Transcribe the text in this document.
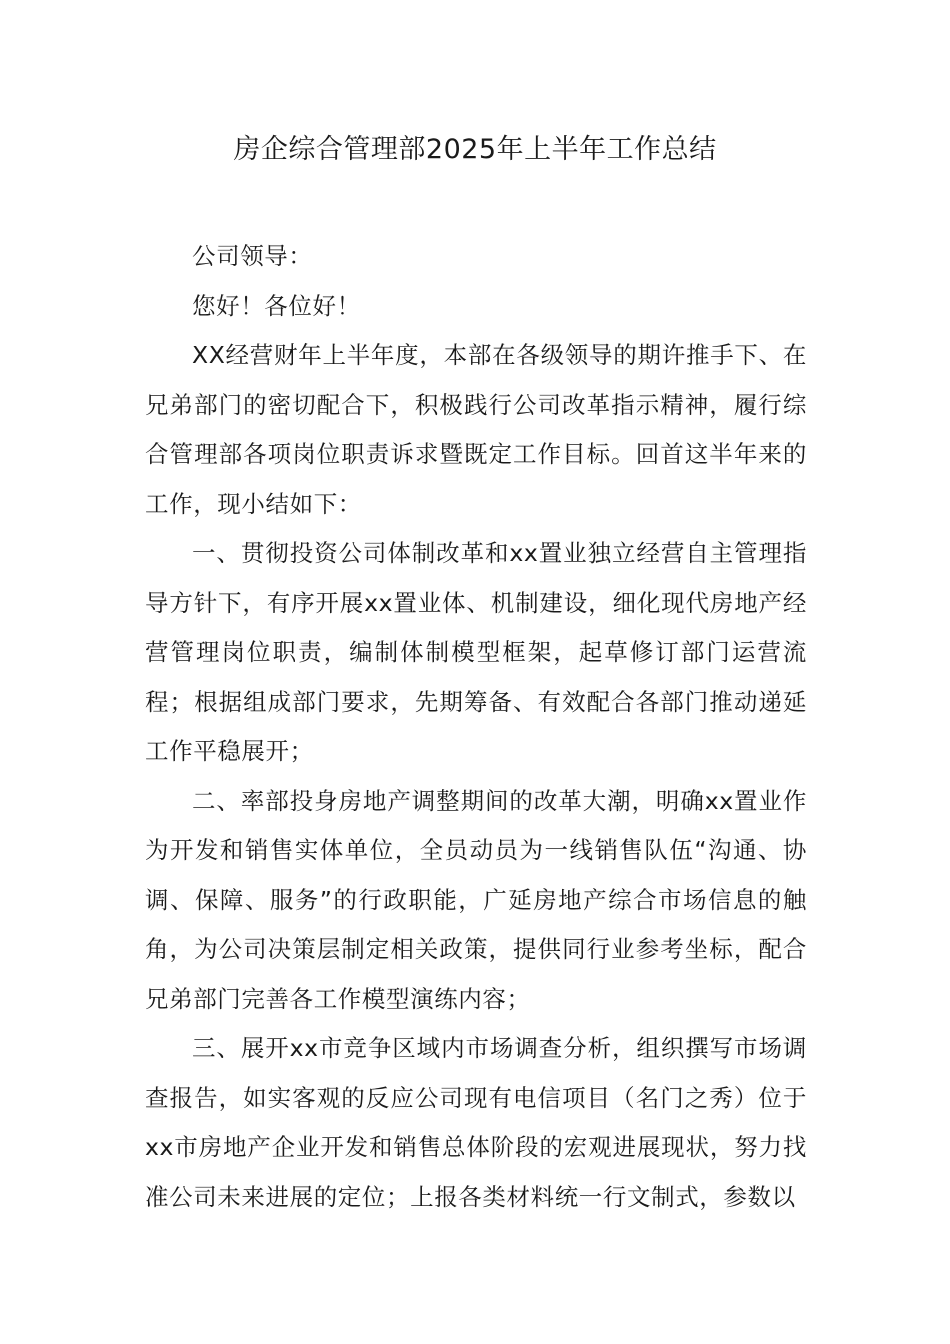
房企综合管理部2025年上半年工作总结

公司领导：

您好！各位好！

XX经营财年上半年度，本部在各级领导的期许推手下、在兄弟部门的密切配合下，积极践行公司改革指示精神，履行综合管理部各项岗位职责诉求暨既定工作目标。回首这半年来的工作，现小结如下：

一、贯彻投资公司体制改革和xx置业独立经营自主管理指导方针下，有序开展xx置业体、机制建设，细化现代房地产经营管理岗位职责，编制体制模型框架，起草修订部门运营流程；根据组成部门要求，先期筹备、有效配合各部门推动递延工作平稳展开；

二、率部投身房地产调整期间的改革大潮，明确xx置业作为开发和销售实体单位，全员动员为一线销售队伍“沟通、协调、保障、服务”的行政职能，广延房地产综合市场信息的触角，为公司决策层制定相关政策，提供同行业参考坐标，配合兄弟部门完善各工作模型演练内容；

三、展开xx市竞争区域内市场调查分析，组织撰写市场调查报告，如实客观的反应公司现有电信项目（名门之秀）位于xx市房地产企业开发和销售总体阶段的宏观进展现状，努力找准公司未来进展的定位；上报各类材料统一行文制式，参数以
